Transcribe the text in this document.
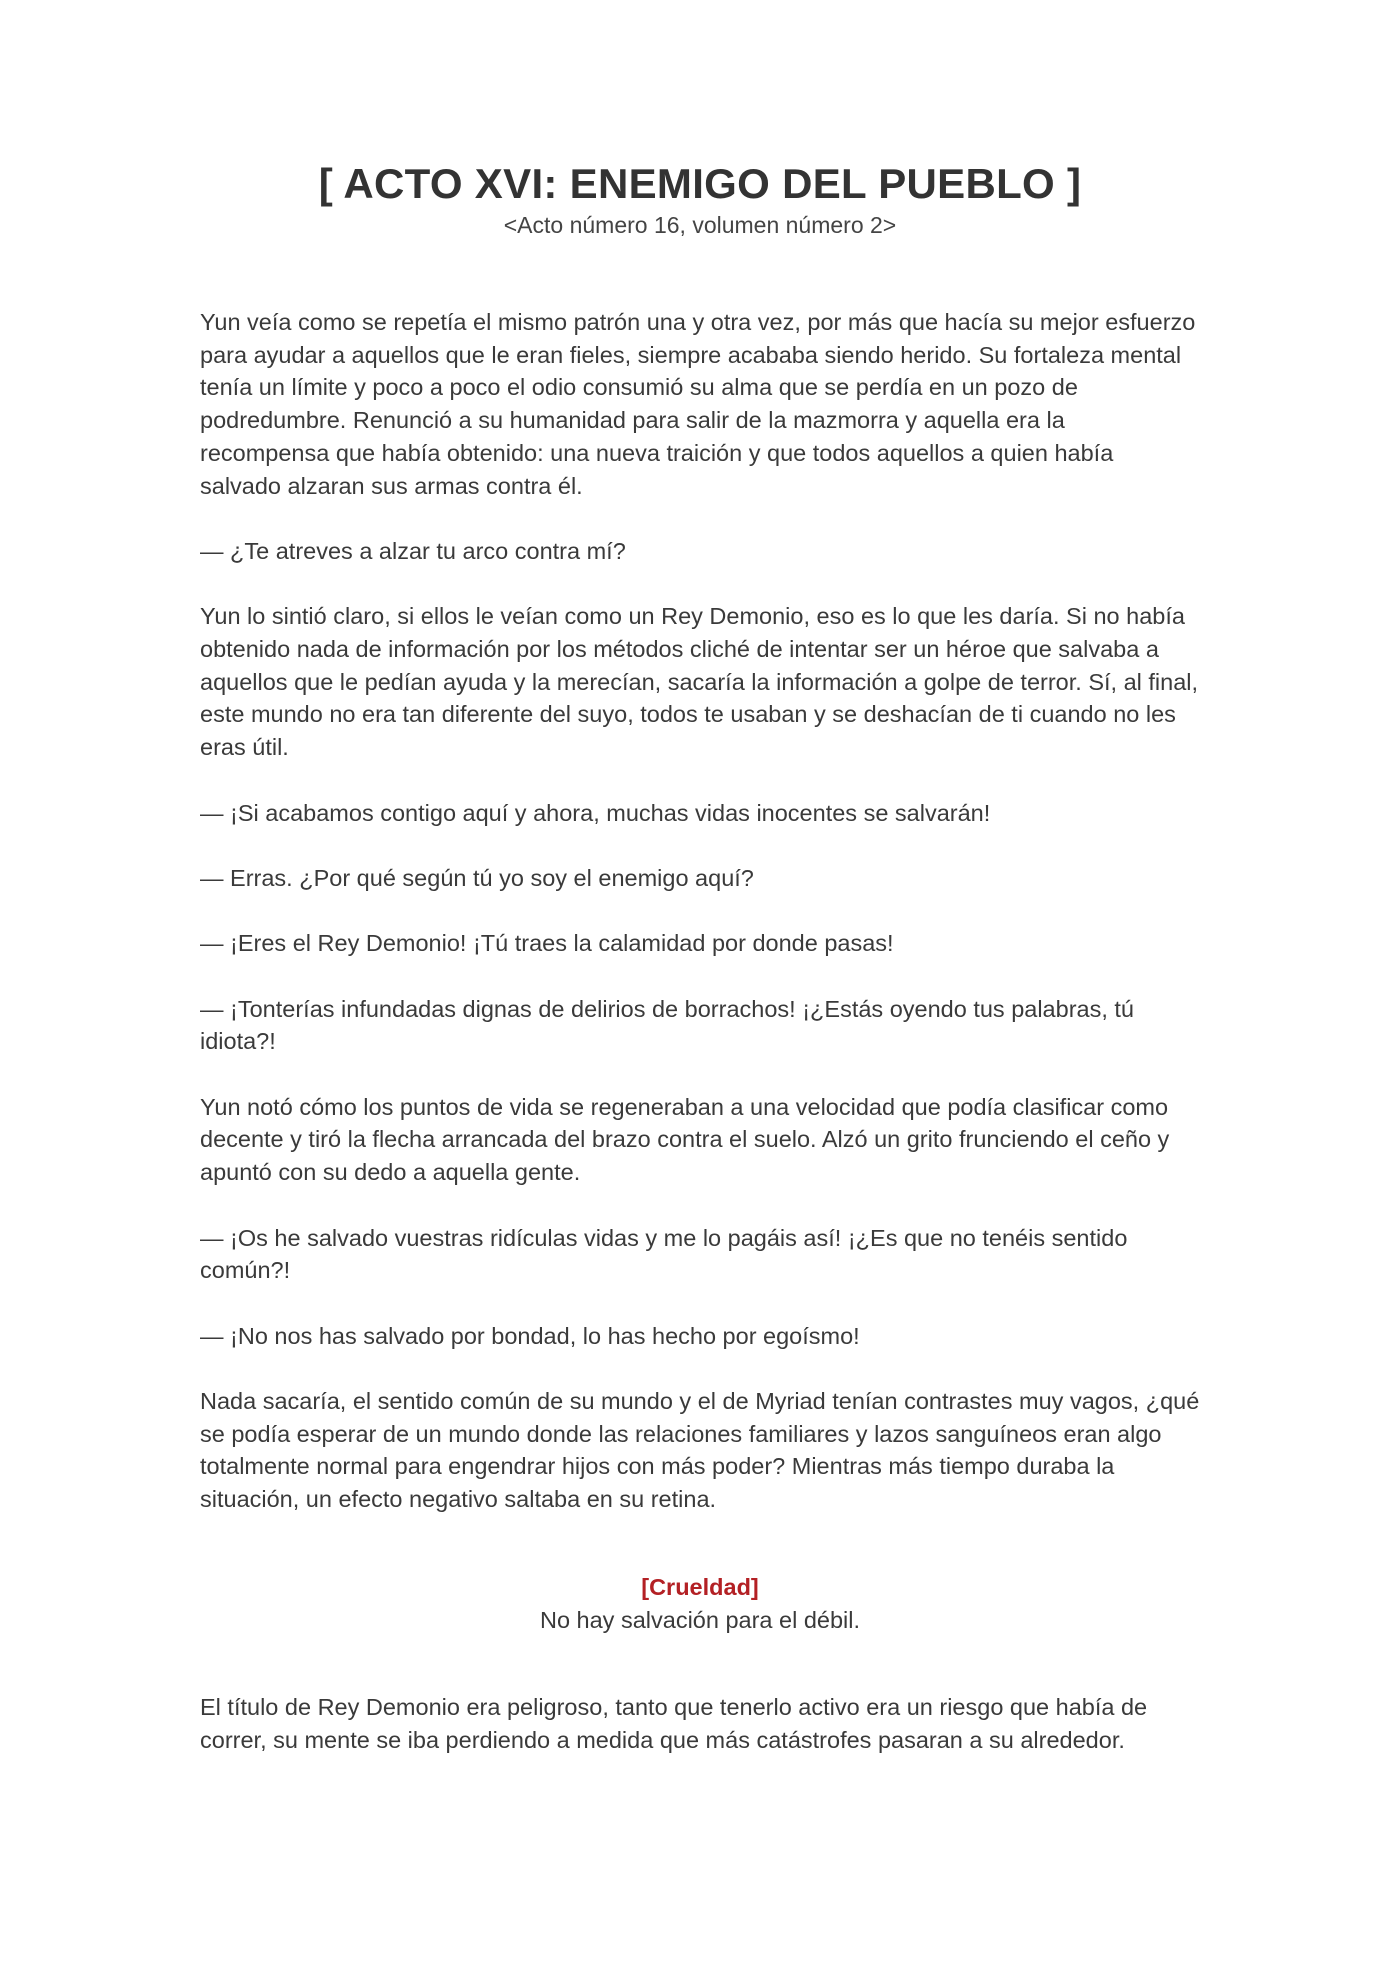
[ ACTO XVI: ENEMIGO DEL PUEBLO ]

<Acto número 16, volumen número 2>

Yun veía como se repetía el mismo patrón una y otra vez, por más que hacía su mejor esfuerzo para ayudar a aquellos que le eran fieles, siempre acababa siendo herido. Su fortaleza mental tenía un límite y poco a poco el odio consumió su alma que se perdía en un pozo de podredumbre. Renunció a su humanidad para salir de la mazmorra y aquella era la recompensa que había obtenido: una nueva traición y que todos aquellos a quien había salvado alzaran sus armas contra él.

— ¿Te atreves a alzar tu arco contra mí?

Yun lo sintió claro, si ellos le veían como un Rey Demonio, eso es lo que les daría. Si no había obtenido nada de información por los métodos cliché de intentar ser un héroe que salvaba a aquellos que le pedían ayuda y la merecían, sacaría la información a golpe de terror. Sí, al final, este mundo no era tan diferente del suyo, todos te usaban y se deshacían de ti cuando no les eras útil.

— ¡Si acabamos contigo aquí y ahora, muchas vidas inocentes se salvarán!

— Erras. ¿Por qué según tú yo soy el enemigo aquí?

— ¡Eres el Rey Demonio! ¡Tú traes la calamidad por donde pasas!

— ¡Tonterías infundadas dignas de delirios de borrachos! ¡¿Estás oyendo tus palabras, tú idiota?!

Yun notó cómo los puntos de vida se regeneraban a una velocidad que podía clasificar como decente y tiró la flecha arrancada del brazo contra el suelo. Alzó un grito frunciendo el ceño y apuntó con su dedo a aquella gente.

— ¡Os he salvado vuestras ridículas vidas y me lo pagáis así! ¡¿Es que no tenéis sentido común?!

— ¡No nos has salvado por bondad, lo has hecho por egoísmo!

Nada sacaría, el sentido común de su mundo y el de Myriad tenían contrastes muy vagos, ¿qué se podía esperar de un mundo donde las relaciones familiares y lazos sanguíneos eran algo totalmente normal para engendrar hijos con más poder? Mientras más tiempo duraba la situación, un efecto negativo saltaba en su retina.

[Crueldad]

No hay salvación para el débil.

El título de Rey Demonio era peligroso, tanto que tenerlo activo era un riesgo que había de correr, su mente se iba perdiendo a medida que más catástrofes pasaran a su alrededor.
